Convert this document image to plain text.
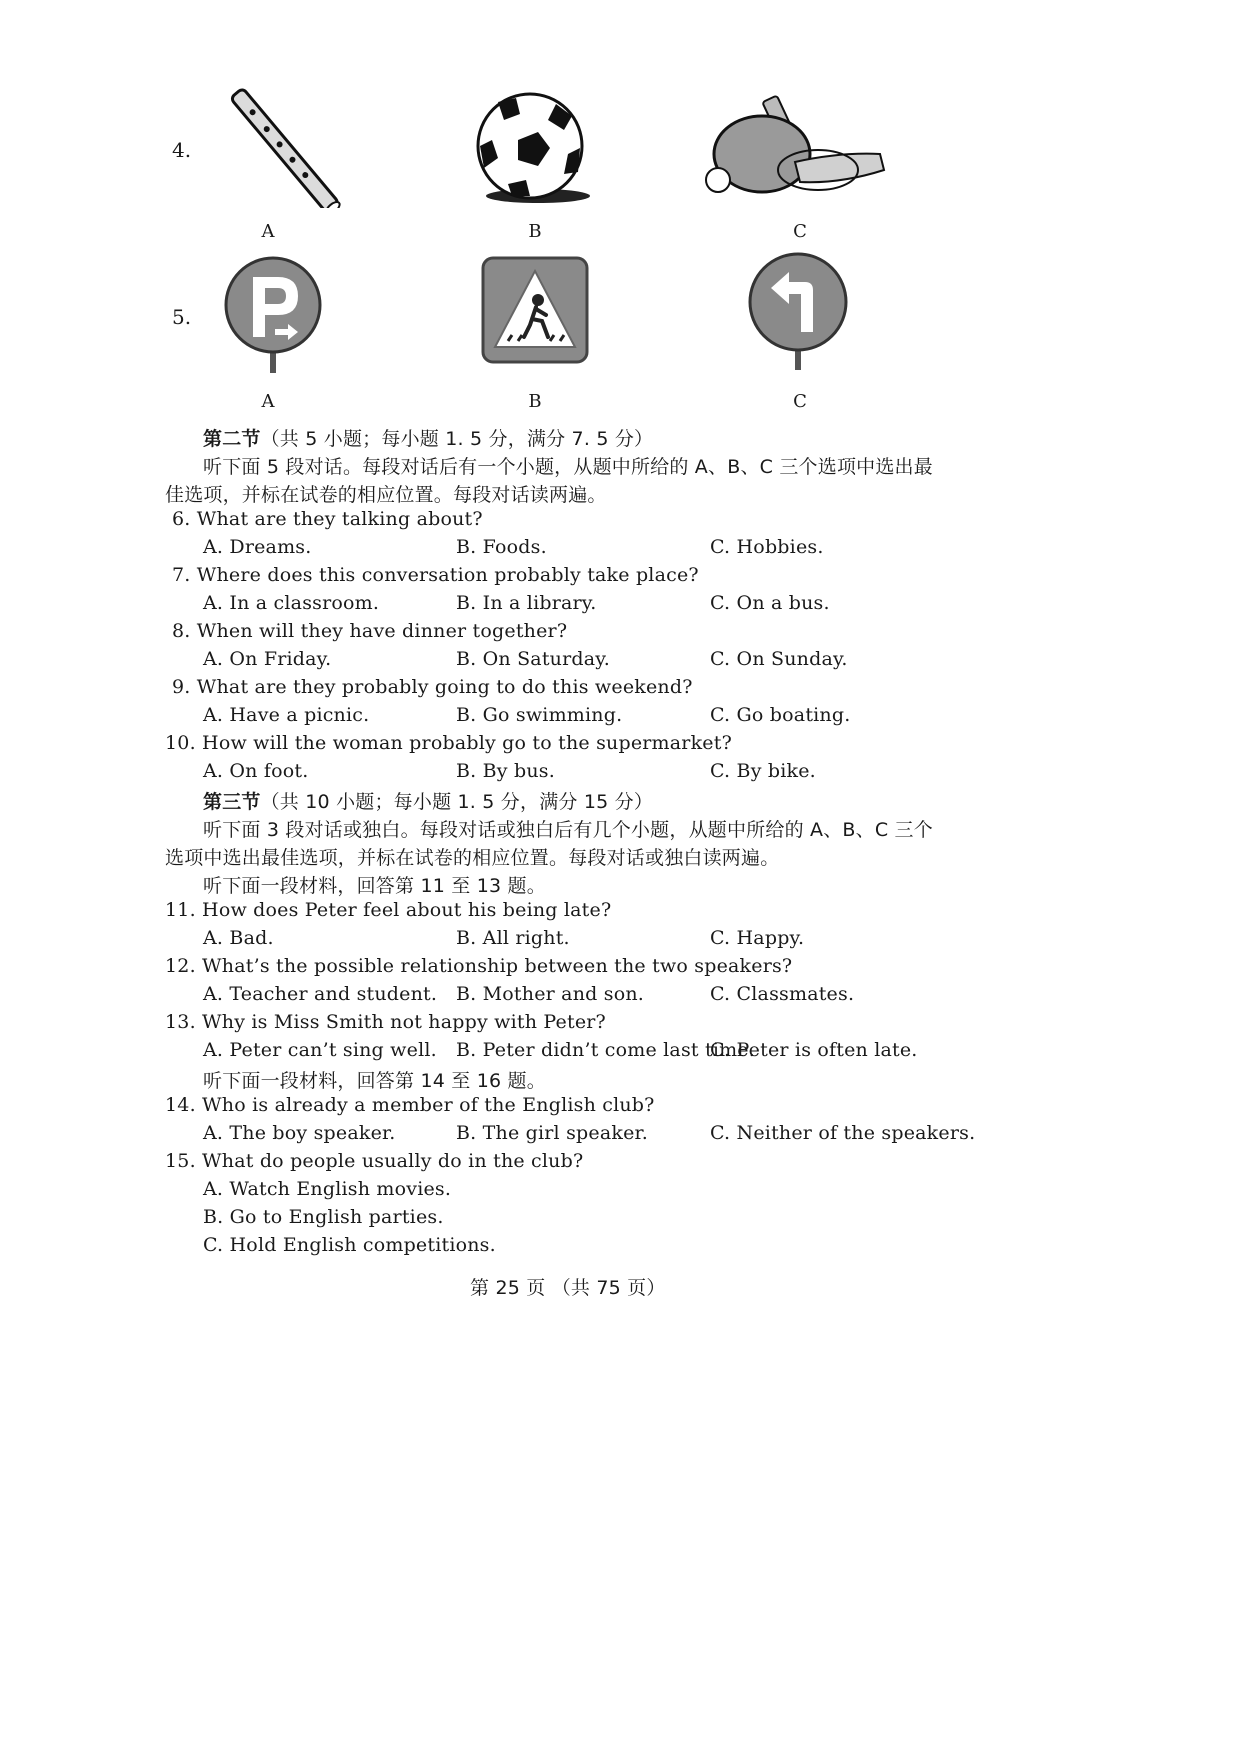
4.
A	B	C
5.
A	B	C
第二节（共 5 小题；每小题 1. 5 分，满分 7. 5 分）
听下面 5 段对话。每段对话后有一个小题，从题中所给的 A、B、C 三个选项中选出最
佳选项，并标在试卷的相应位置。每段对话读两遍。
6. What are they talking about?
A. Dreams.	B. Foods.	C. Hobbies.
7. Where does this conversation probably take place?
A. In a classroom.	B. In a library.	C. On a bus.
8. When will they have dinner together?
A. On Friday.	B. On Saturday.	C. On Sunday.
9. What are they probably going to do this weekend?
A. Have a picnic.	B. Go swimming.	C. Go boating.
10. How will the woman probably go to the supermarket?
A. On foot.	B. By bus.	C. By bike.
第三节（共 10 小题；每小题 1. 5 分，满分 15 分）
听下面 3 段对话或独白。每段对话或独白后有几个小题，从题中所给的 A、B、C 三个
选项中选出最佳选项，并标在试卷的相应位置。每段对话或独白读两遍。
听下面一段材料，回答第 11 至 13 题。
11. How does Peter feel about his being late?
A. Bad.	B. All right.	C. Happy.
12. What’s the possible relationship between the two speakers?
A. Teacher and student. B. Mother and son.	C. Classmates.
13. Why is Miss Smith not happy with Peter?
A. Peter can’t sing well. B. Peter didn’t come last time.
C. Peter is often late.
听下面一段材料，回答第 14 至 16 题。
14. Who is already a member of the English club?
A. The boy speaker.	B. The girl speaker.	C. Neither of the speakers.
15. What do people usually do in the club?
A. Watch English movies.
B. Go to English parties.
C. Hold English competitions.
第 25 页 （共 75 页）
